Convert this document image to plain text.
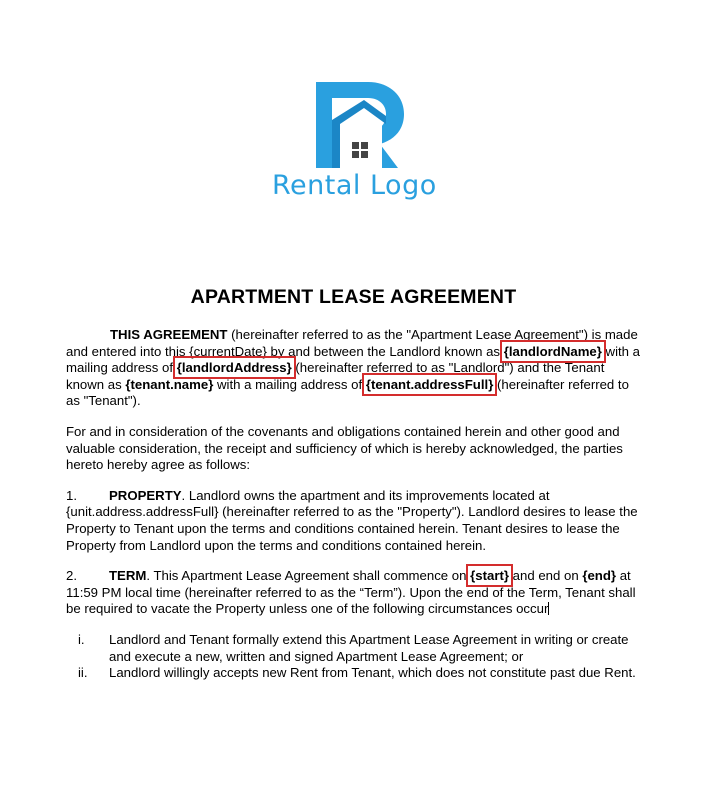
Rental Logo
APARTMENT LEASE AGREEMENT

THIS AGREEMENT (hereinafter referred to as the "Apartment Lease Agreement") is made and entered into this {currentDate} by and between the Landlord known as {landlordName} with a mailing address of {landlordAddress} (hereinafter referred to as "Landlord") and the Tenant known as {tenant.name} with a mailing address of {tenant.addressFull} (hereinafter referred to as "Tenant").

For and in consideration of the covenants and obligations contained herein and other good and valuable consideration, the receipt and sufficiency of which is hereby acknowledged, the parties hereto hereby agree as follows:

1. PROPERTY. Landlord owns the apartment and its improvements located at {unit.address.addressFull} (hereinafter referred to as the "Property"). Landlord desires to lease the Property to Tenant upon the terms and conditions contained herein. Tenant desires to lease the Property from Landlord upon the terms and conditions contained herein.

2. TERM. This Apartment Lease Agreement shall commence on {start} and end on {end} at 11:59 PM local time (hereinafter referred to as the “Term”). Upon the end of the Term, Tenant shall be required to vacate the Property unless one of the following circumstances occur

i. Landlord and Tenant formally extend this Apartment Lease Agreement in writing or create and execute a new, written and signed Apartment Lease Agreement; or
ii. Landlord willingly accepts new Rent from Tenant, which does not constitute past due Rent.
